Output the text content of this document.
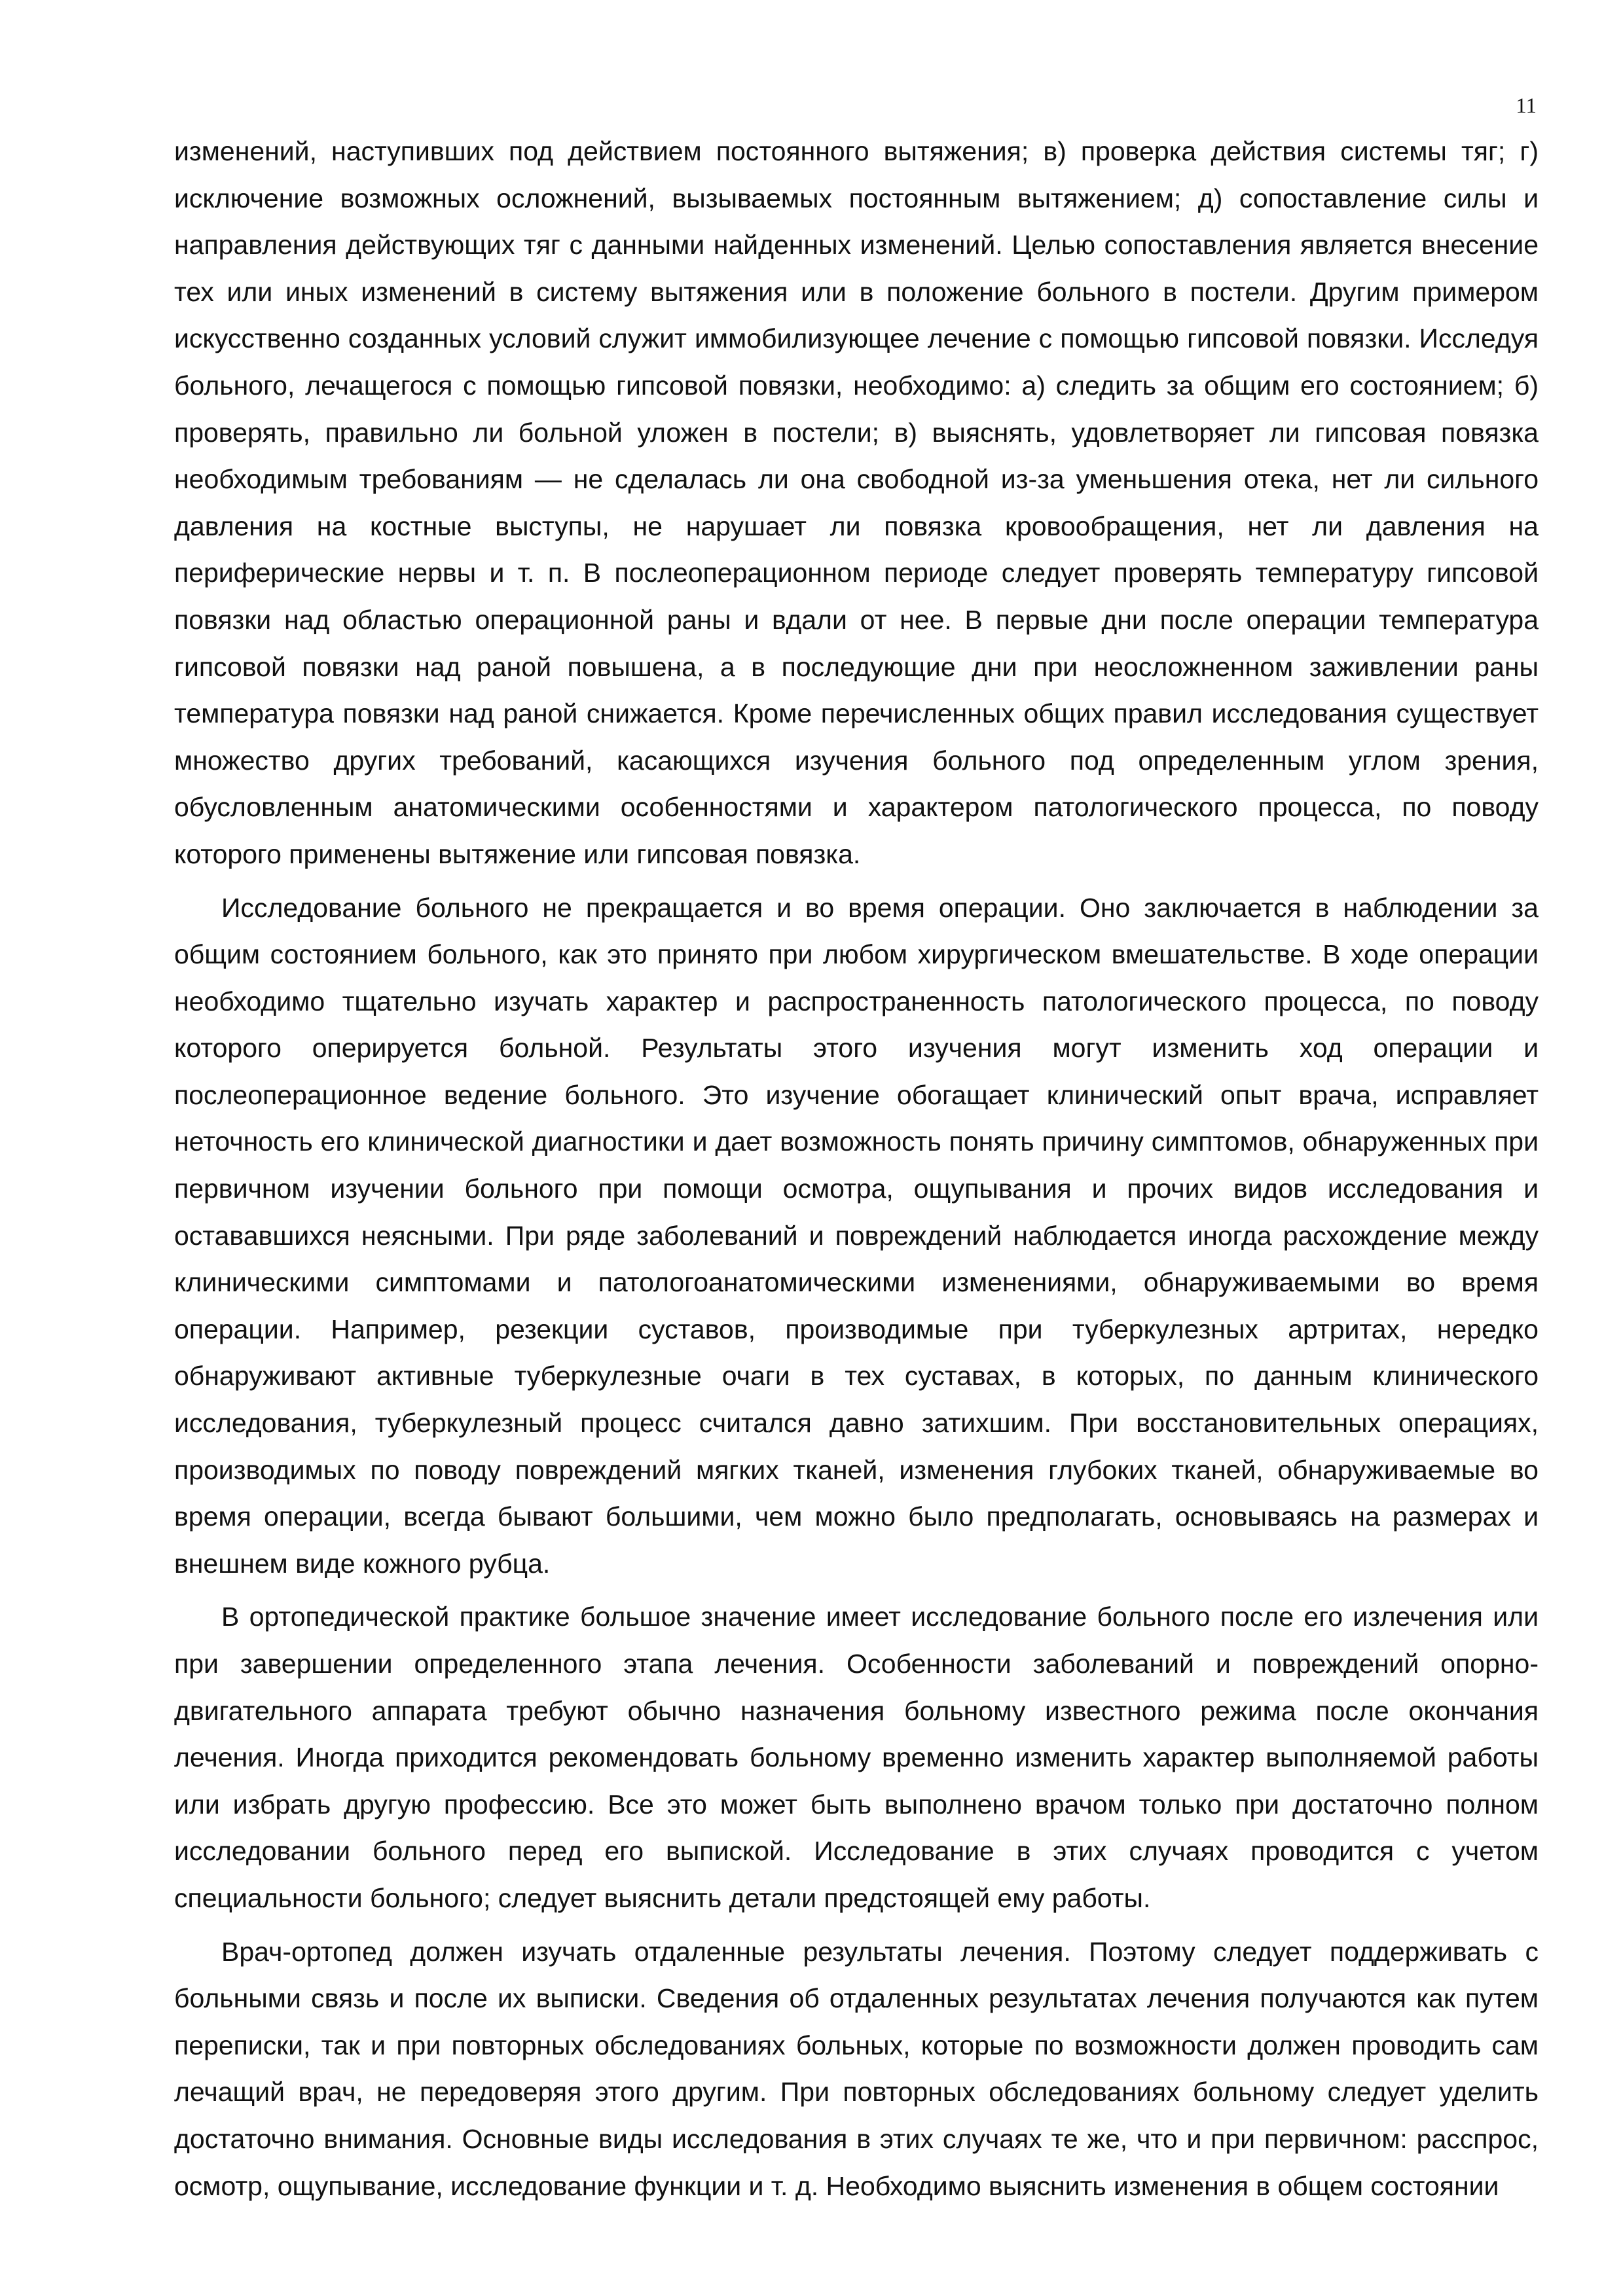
11

изменений, наступивших под действием постоянного вытяжения; в) проверка действия системы тяг; г) исключение возможных осложнений, вызываемых постоянным вытяжением; д) сопоставление силы и направления действующих тяг с данными найденных изменений. Целью сопоставления является внесение тех или иных изменений в систему вытяжения или в положение больного в постели. Другим примером искусственно созданных условий служит иммобилизующее лечение с помощью гипсовой повязки. Исследуя больного, лечащегося с помощью гипсовой повязки, необходимо: а) следить за общим его состоянием; б) проверять, правильно ли больной уложен в постели; в) выяснять, удовлетворяет ли гипсовая повязка необходимым требованиям — не сделалась ли она свободной из-за уменьшения отека, нет ли сильного давления на костные выступы, не нарушает ли повязка кровообращения, нет ли давления на периферические нервы и т. п. В послеоперационном периоде следует проверять температуру гипсовой повязки над областью операционной раны и вдали от нее. В первые дни после операции температура гипсовой повязки над раной повышена, а в последующие дни при неосложненном заживлении раны температура повязки над раной снижается. Кроме перечисленных общих правил исследования существует множество других требований, касающихся изучения больного под определенным углом зрения, обусловленным анатомическими особенностями и характером патологического процесса, по поводу которого применены вытяжение или гипсовая повязка.

Исследование больного не прекращается и во время операции. Оно заключается в наблюдении за общим состоянием больного, как это принято при любом хирургическом вмешательстве. В ходе операции необходимо тщательно изучать характер и распространенность патологического процесса, по поводу которого оперируется больной. Результаты этого изучения могут изменить ход операции и послеоперационное ведение больного. Это изучение обогащает клинический опыт врача, исправляет неточность его клинической диагностики и дает возможность понять причину симптомов, обнаруженных при первичном изучении больного при помощи осмотра, ощупывания и прочих видов исследования и остававшихся неясными. При ряде заболеваний и повреждений наблюдается иногда расхождение между клиническими симптомами и патологоанатомическими изменениями, обнаруживаемыми во время операции. Например, резекции суставов, производимые при туберкулезных артритах, нередко обнаруживают активные туберкулезные очаги в тех суставах, в которых, по данным клинического исследования, туберкулезный процесс считался давно затихшим. При восстановительных операциях, производимых по поводу повреждений мягких тканей, изменения глубоких тканей, обнаруживаемые во время операции, всегда бывают большими, чем можно было предполагать, основываясь на размерах и внешнем виде кожного рубца.

В ортопедической практике большое значение имеет исследование больного после его излечения или при завершении определенного этапа лечения. Особенности заболеваний и повреждений опорно-двигательного аппарата требуют обычно назначения больному известного режима после окончания лечения. Иногда приходится рекомендовать больному временно изменить характер выполняемой работы или избрать другую профессию. Все это может быть выполнено врачом только при достаточно полном исследовании больного перед его выпиской. Исследование в этих случаях проводится с учетом специальности больного; следует выяснить детали предстоящей ему работы.

Врач-ортопед должен изучать отдаленные результаты лечения. Поэтому следует поддерживать с больными связь и после их выписки. Сведения об отдаленных результатах лечения получаются как путем переписки, так и при повторных обследованиях больных, которые по возможности должен проводить сам лечащий врач, не передоверяя этого другим. При повторных обследованиях больному следует уделить достаточно внимания. Основные виды исследования в этих случаях те же, что и при первичном: расспрос, осмотр, ощупывание, исследование функции и т. д. Необходимо выяснить изменения в общем состоянии
